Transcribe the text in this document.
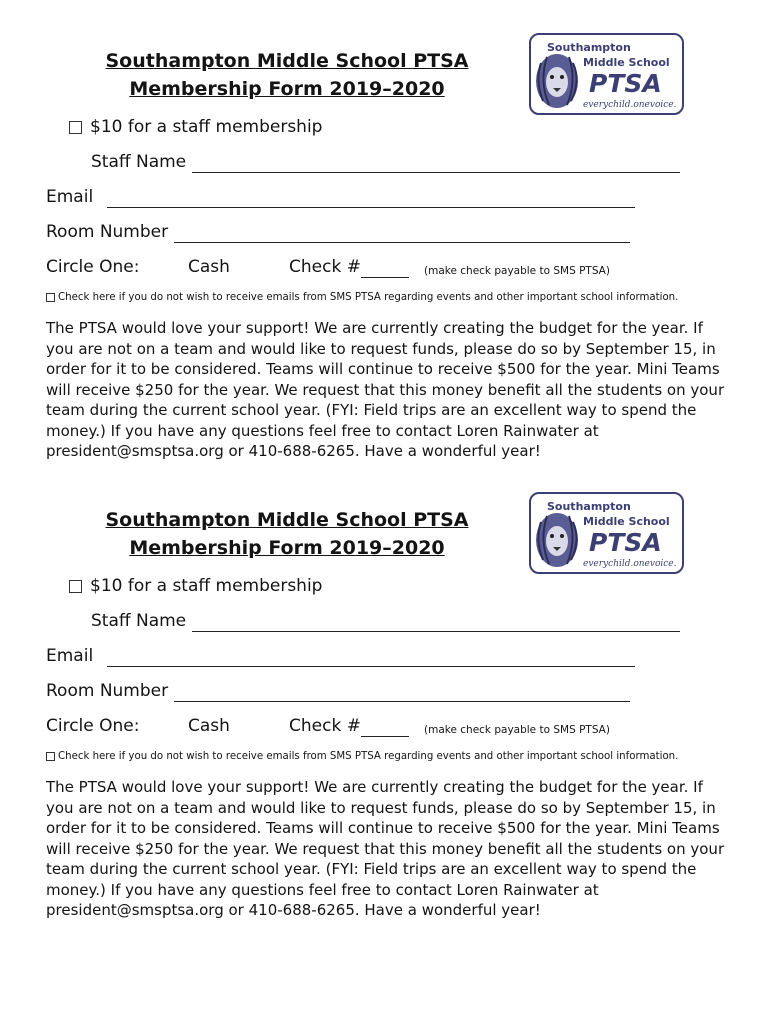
Southampton Middle School PTSA
Membership Form 2019–2020
Southampton
Middle School
PTSA
everychild.onevoice.
$10 for a staff membership
Staff Name
Email
Room Number
Circle One:	Cash	Check #	(make check payable to SMS PTSA)
Check here if you do not wish to receive emails from SMS PTSA regarding events and other important school information.
The PTSA would love your support! We are currently creating the budget for the year. If you are not on a team and would like to request funds, please do so by September 15, in order for it to be considered. Teams will continue to receive $500 for the year. Mini Teams will receive $250 for the year. We request that this money benefit all the students on your team during the current school year. (FYI: Field trips are an excellent way to spend the money.) If you have any questions feel free to contact Loren Rainwater at president@smsptsa.org or 410-688-6265. Have a wonderful year!
Southampton Middle School PTSA
Membership Form 2019–2020
Southampton
Middle School
PTSA
everychild.onevoice.
$10 for a staff membership
Staff Name
Email
Room Number
Circle One:	Cash	Check #	(make check payable to SMS PTSA)
Check here if you do not wish to receive emails from SMS PTSA regarding events and other important school information.
The PTSA would love your support! We are currently creating the budget for the year. If you are not on a team and would like to request funds, please do so by September 15, in order for it to be considered. Teams will continue to receive $500 for the year. Mini Teams will receive $250 for the year. We request that this money benefit all the students on your team during the current school year. (FYI: Field trips are an excellent way to spend the money.) If you have any questions feel free to contact Loren Rainwater at president@smsptsa.org or 410-688-6265. Have a wonderful year!
